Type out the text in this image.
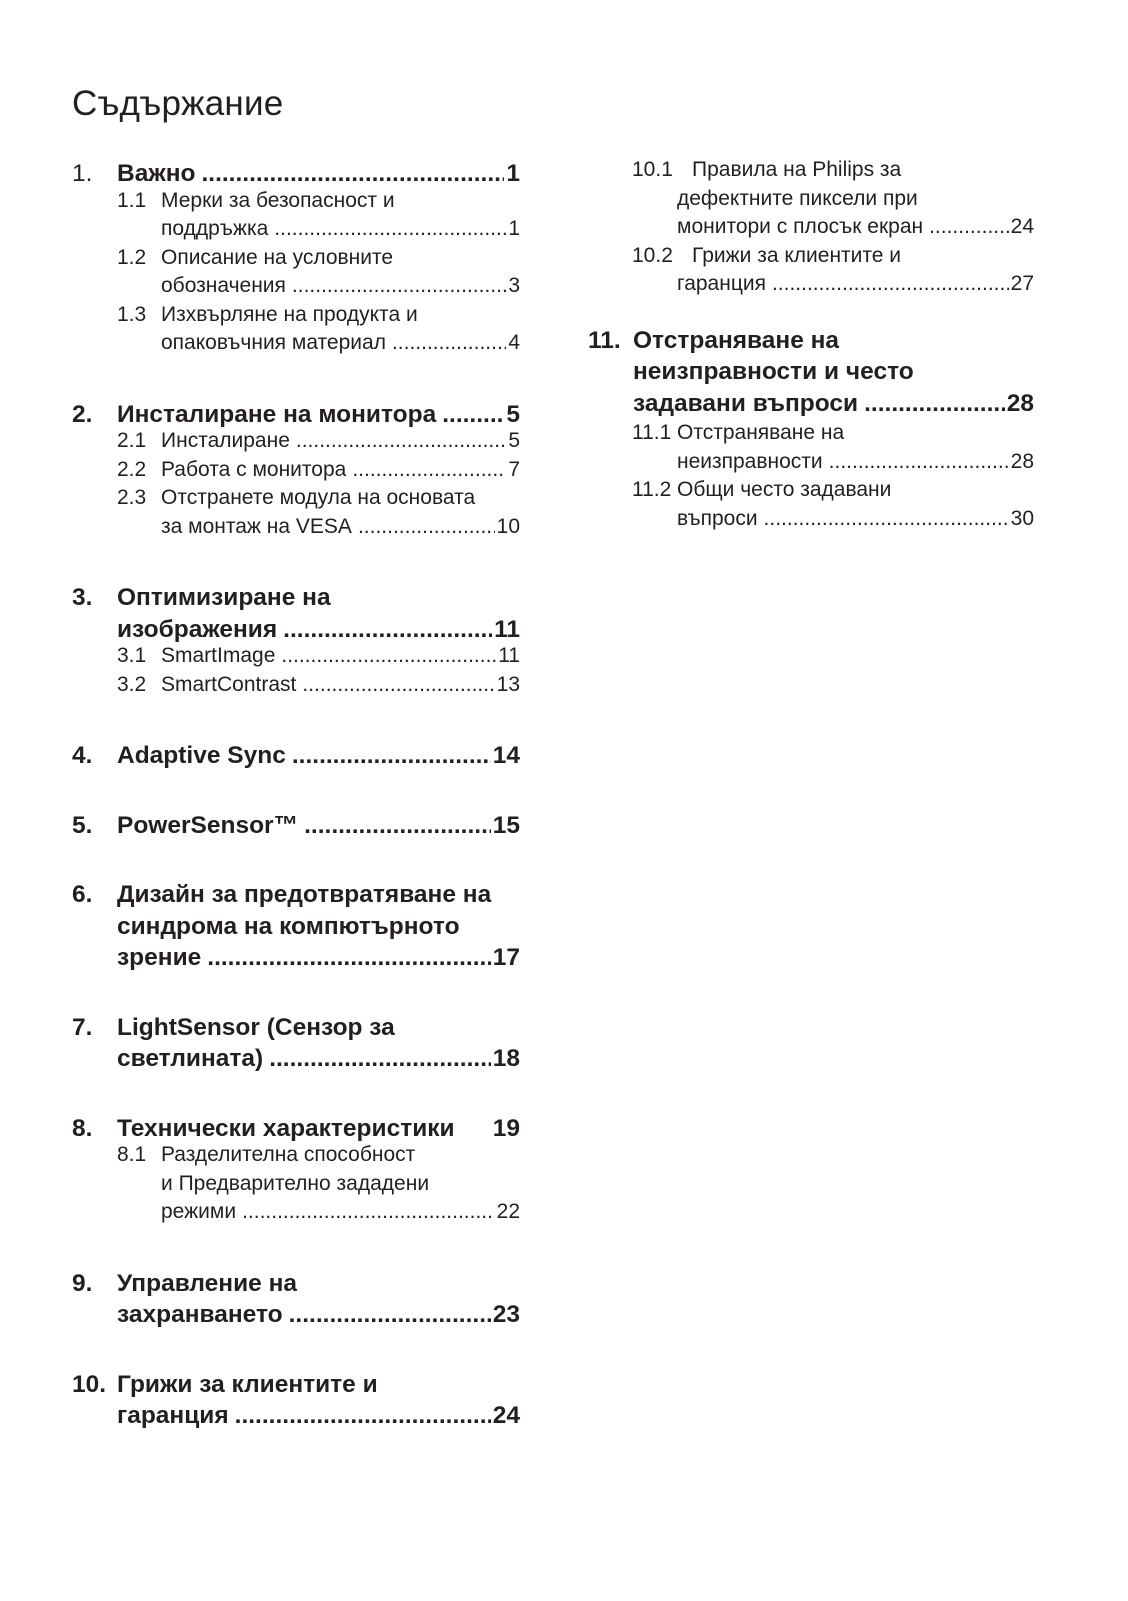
Съдържание
1. Важно .....	1
1.1 Мерки за безопасност и
поддръжка .....	1
1.2 Описание на условните
обозначения .....	3
1.3 Изхвърляне на продукта и
опаковъчния материал .....	4
2. Инсталиране на монитора .....	5
2.1 Инсталиране .....	5
2.2 Работа с монитора .....	7
2.3 Отстранете модула на основата
за монтаж на VESA .....	10
3. Оптимизиране на
изображения .....	11
3.1 SmartImage .....	11
3.2 SmartContrast .....	13
4. Adaptive Sync .....	14
5. PowerSensor™ .....	15
6. Дизайн за предотвратяване на
синдрома на компютърното
зрение .....	17
7. LightSensor (Сензор за
светлината) .....	18
8. Технически характеристики 19
8.1 Разделителна способност
и Предварително зададени
режими .....	22
9. Управление на
захранването .....	23
10. Грижи за клиентите и
гаранция .....	24
10.1 Правила на Philips за
дефектните пиксели при
монитори с плосък екран .....	24
10.2 Грижи за клиентите и
гаранция .....	27
11. Отстраняване на
неизправности и често
задавани въпроси .....	28
11.1 Отстраняване на
неизправности .....	28
11.2 Общи често задавани
въпроси .....	30
